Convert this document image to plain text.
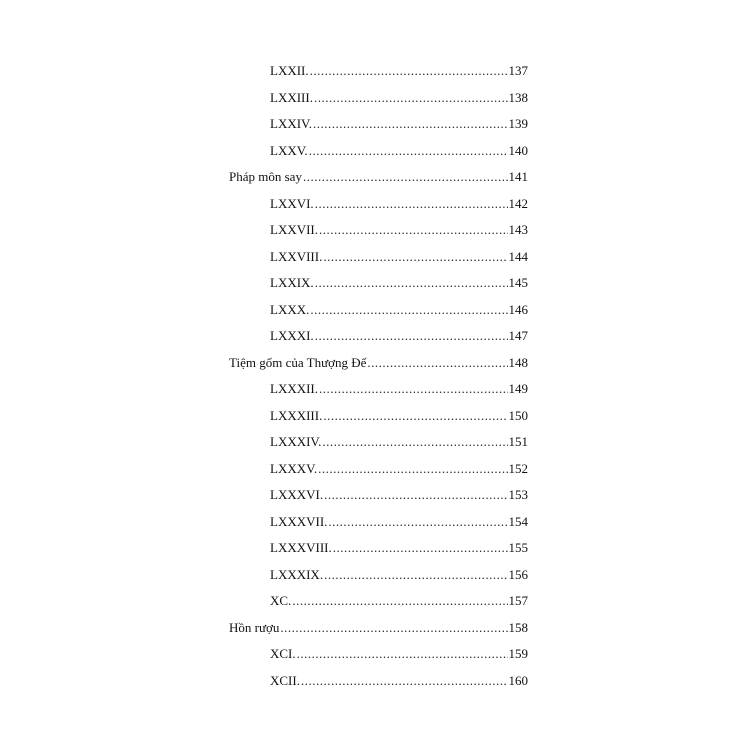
LXXII. .....	137
LXXIII. .....	138
LXXIV. .....	139
LXXV. .....	140
Pháp môn say .....	141
LXXVI. .....	142
LXXVII. .....	143
LXXVIII. .....	144
LXXIX. .....	145
LXXX. .....	146
LXXXI. .....	147
Tiệm gốm của Thượng Đế .....	148
LXXXII. .....	149
LXXXIII. .....	150
LXXXIV. .....	151
LXXXV. .....	152
LXXXVI. .....	153
LXXXVII. .....	154
LXXXVIII. .....	155
LXXXIX. .....	156
XC. .....	157
Hồn rượu .....	158
XCI. .....	159
XCII. .....	160
